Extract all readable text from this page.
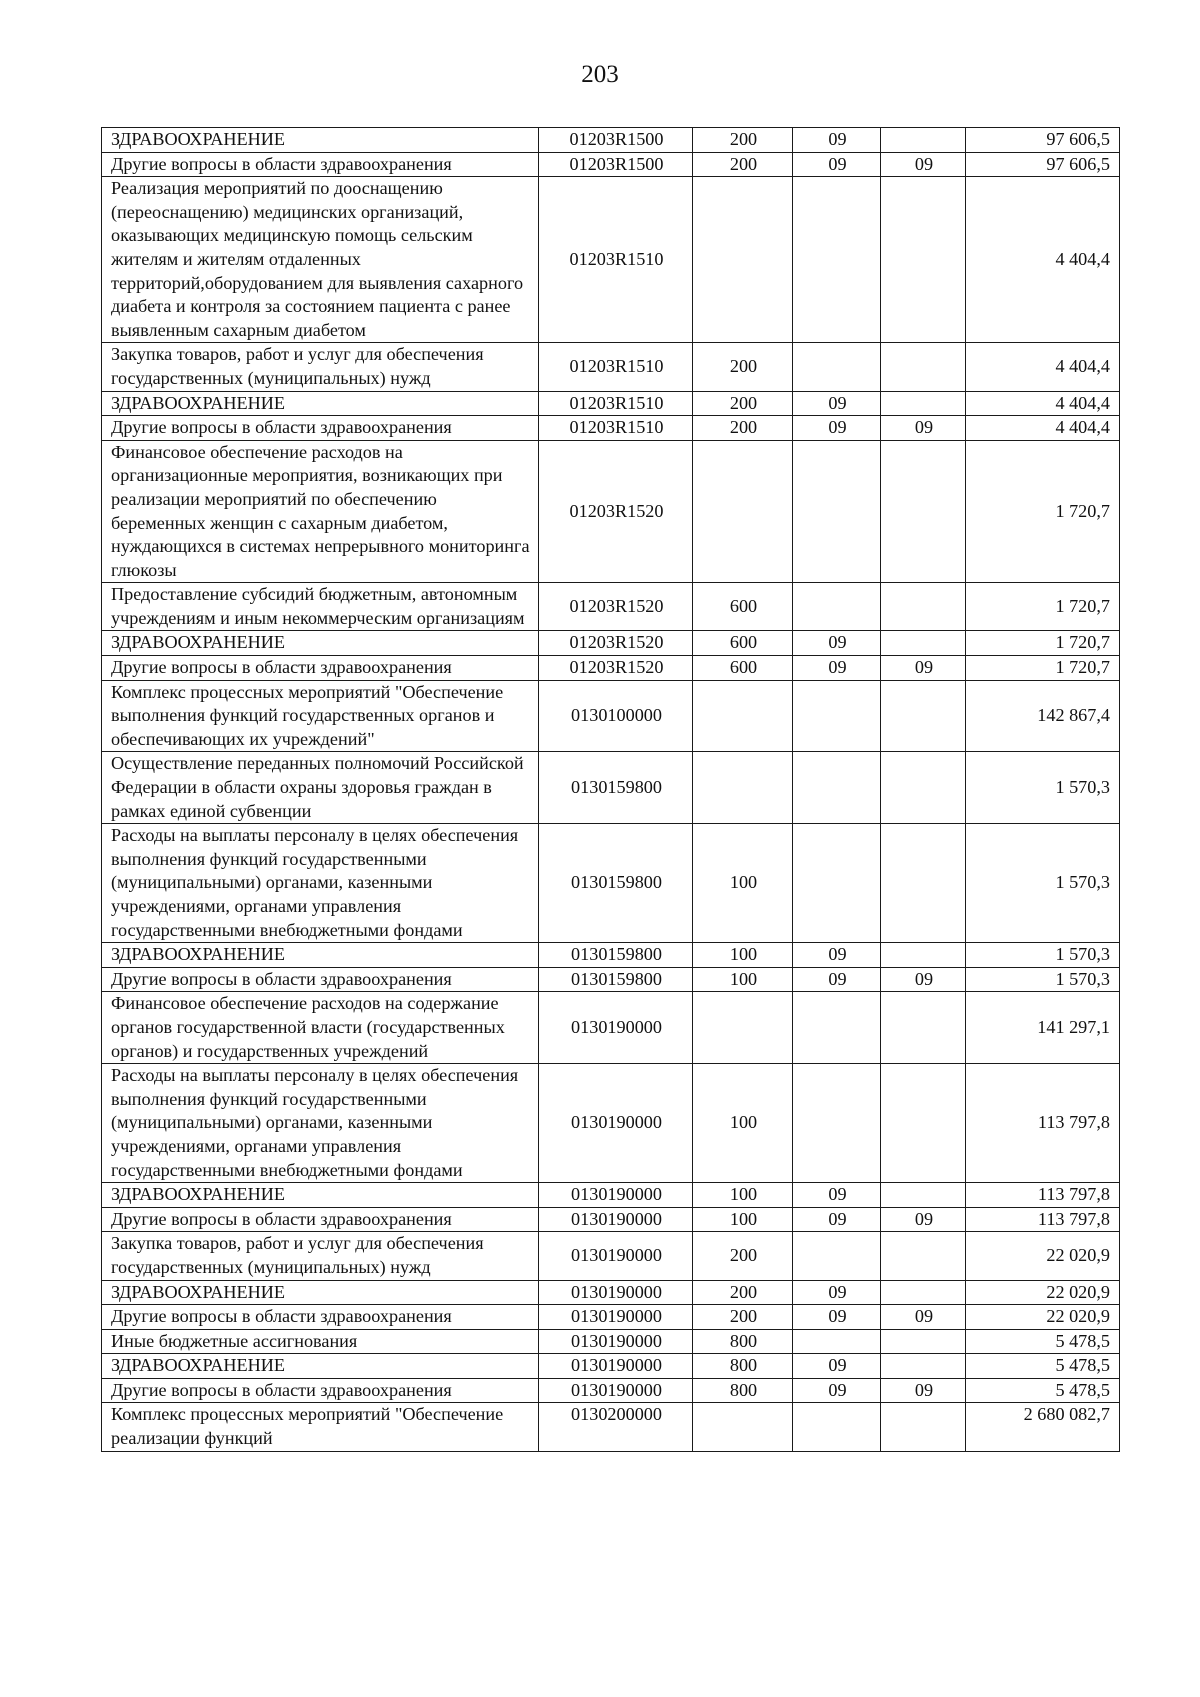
203
ЗДРАВООХРАНЕНИЕ	01203R1500	200	09		97 606,5
Другие вопросы в области здравоохранения	01203R1500	200	09	09	97 606,5
Реализация мероприятий по дооснащению (переоснащению) медицинских организаций, оказывающих медицинскую помощь сельским жителям и жителям отдаленных территорий,оборудованием для выявления сахарного диабета и контроля за состоянием пациента с ранее выявленным сахарным диабетом	01203R1510				4 404,4
Закупка товаров, работ и услуг для обеспечения государственных (муниципальных) нужд	01203R1510	200			4 404,4
ЗДРАВООХРАНЕНИЕ	01203R1510	200	09		4 404,4
Другие вопросы в области здравоохранения	01203R1510	200	09	09	4 404,4
Финансовое обеспечение расходов на организационные мероприятия, возникающих при реализации мероприятий по обеспечению беременных женщин с сахарным диабетом, нуждающихся в системах непрерывного мониторинга глюкозы	01203R1520				1 720,7
Предоставление субсидий бюджетным, автономным учреждениям и иным некоммерческим организациям	01203R1520	600			1 720,7
ЗДРАВООХРАНЕНИЕ	01203R1520	600	09		1 720,7
Другие вопросы в области здравоохранения	01203R1520	600	09	09	1 720,7
Комплекс процессных мероприятий "Обеспечение выполнения функций государственных органов и обеспечивающих их учреждений"	0130100000				142 867,4
Осуществление переданных полномочий Российской Федерации в области охраны здоровья граждан в рамках единой субвенции	0130159800				1 570,3
Расходы на выплаты персоналу в целях обеспечения выполнения функций государственными (муниципальными) органами, казенными учреждениями, органами управления государственными внебюджетными фондами	0130159800	100			1 570,3
ЗДРАВООХРАНЕНИЕ	0130159800	100	09		1 570,3
Другие вопросы в области здравоохранения	0130159800	100	09	09	1 570,3
Финансовое обеспечение расходов на содержание органов государственной власти (государственных органов) и государственных учреждений	0130190000				141 297,1
Расходы на выплаты персоналу в целях обеспечения выполнения функций государственными (муниципальными) органами, казенными учреждениями, органами управления государственными внебюджетными фондами	0130190000	100			113 797,8
ЗДРАВООХРАНЕНИЕ	0130190000	100	09		113 797,8
Другие вопросы в области здравоохранения	0130190000	100	09	09	113 797,8
Закупка товаров, работ и услуг для обеспечения государственных (муниципальных) нужд	0130190000	200			22 020,9
ЗДРАВООХРАНЕНИЕ	0130190000	200	09		22 020,9
Другие вопросы в области здравоохранения	0130190000	200	09	09	22 020,9
Иные бюджетные ассигнования	0130190000	800			5 478,5
ЗДРАВООХРАНЕНИЕ	0130190000	800	09		5 478,5
Другие вопросы в области здравоохранения	0130190000	800	09	09	5 478,5
Комплекс процессных мероприятий "Обеспечение реализации функций	0130200000				2 680 082,7
